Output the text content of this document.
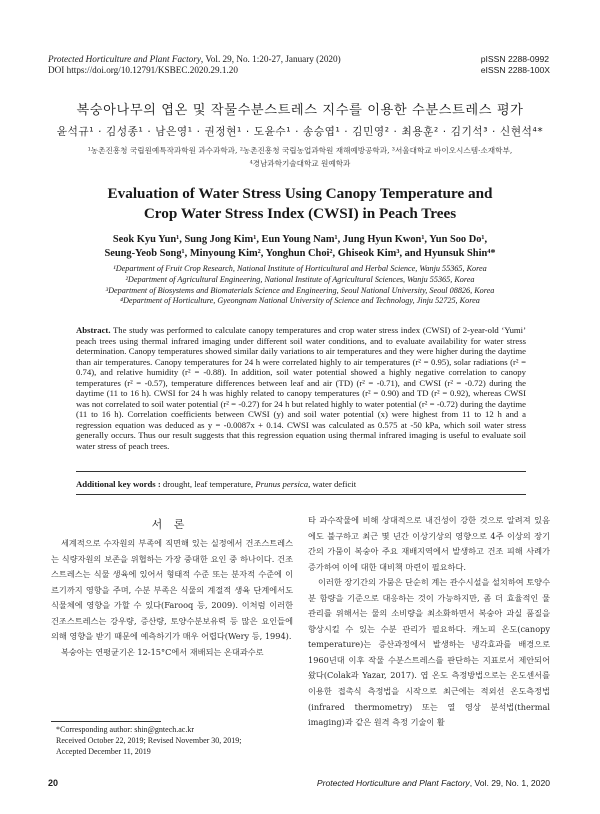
Protected Horticulture and Plant Factory, Vol. 29, No. 1:20-27, January (2020)
DOI https://doi.org/10.12791/KSBEC.2020.29.1.20
pISSN 2288-0992
eISSN 2288-100X
복숭아나무의 엽온 및 작물수분스트레스 지수를 이용한 수분스트레스 평가
윤석규¹ · 김성종¹ · 남은영¹ · 권정현¹ · 도윤수¹ · 송승엽¹ · 김민영² · 최용훈² · 김기석³ · 신현석⁴*
¹농촌진흥청 국립원예특작과학원 과수과학과, ²농촌진흥청 국립농업과학원 재해예방공학과, ³서울대학교 바이오시스템·소재학부,
⁴경남과학기술대학교 원예학과
Evaluation of Water Stress Using Canopy Temperature and
Crop Water Stress Index (CWSI) in Peach Trees
Seok Kyu Yun¹, Sung Jong Kim¹, Eun Young Nam¹, Jung Hyun Kwon¹, Yun Soo Do¹,
Seung-Yeob Song¹, Minyoung Kim², Yonghun Choi², Ghiseok Kim³, and Hyunsuk Shin⁴*
¹Department of Fruit Crop Research, National Institute of Horticultural and Herbal Science, Wanju 55365, Korea
²Department of Agricultural Engineering, National Institute of Agricultural Sciences, Wanju 55365, Korea
³Department of Biosystems and Biomaterials Science and Engineering, Seoul National University, Seoul 08826, Korea
⁴Department of Horticulture, Gyeongnam National University of Science and Technology, Jinju 52725, Korea
Abstract. The study was performed to calculate canopy temperatures and crop water stress index (CWSI) of 2-year-old ‘Yumi’ peach trees using thermal infrared imaging under different soil water conditions, and to evaluate availability for water stress determination. Canopy temperatures showed similar daily variations to air temperatures and they were higher during the daytime than air temperatures. Canopy temperatures for 24 h were correlated highly to air temperatures (r² = 0.95), solar radiations (r² = 0.74), and relative humidity (r² = -0.88). In addition, soil water potential showed a highly negative correlation to canopy temperatures (r² = -0.57), temperature differences between leaf and air (TD) (r² = -0.71), and CWSI (r² = -0.72) during the daytime (11 to 16 h). CWSI for 24 h was highly related to canopy temperatures (r² = 0.90) and TD (r² = 0.92), whereas CWSI was not correlated to soil water potential (r² = -0.27) for 24 h but related highly to water potential (r² = -0.72) during the daytime (11 to 16 h). Correlation coefficients between CWSI (y) and soil water potential (x) were highest from 11 to 12 h and a regression equation was deduced as y = -0.0087x + 0.14. CWSI was calculated as 0.575 at -50 kPa, which soil water stress generally occurs. Thus our result suggests that this regression equation using thermal infrared imaging is useful to evaluate soil water stress of peach trees.
Additional key words : drought, leaf temperature, Prunus persica, water deficit
서 론

세계적으로 수자원의 부족에 직면해 있는 실정에서 건조스트레스는 식량자원의 보존을 위협하는 가장 중대한 요인 중 하나이다. 건조스트레스는 식물 생육에 있어서 형태적 수준 또는 분자적 수준에 이르기까지 영향을 주며, 수분 부족은 식물의 계절적 생육 단계에서도 식물체에 영향을 가할 수 있다(Farooq 등, 2009). 이처럼 이러한 건조스트레스는 강우량, 증산량, 토양수분보유력 등 많은 요인들에 의해 영향을 받기 때문에 예측하기가 매우 어렵다(Wery 등, 1994).

복숭아는 연평균기온 12-15°C에서 재배되는 온대과수로

타 과수작물에 비해 상대적으로 내건성이 강한 것으로 알려져 있음에도 불구하고 최근 몇 년간 이상기상의 영향으로 4주 이상의 장기간의 가뭄이 복숭아 주요 재배지역에서 발생하고 건조 피해 사례가 증가하여 이에 대한 대비책 마련이 필요하다.

이러한 장기간의 가뭄은 단순히 계는 관수시설을 설치하여 토양수분 함량을 기준으로 대응하는 것이 가능하지만, 좀 더 효율적인 물 관리를 위해서는 물의 소비량을 최소화하면서 복숭아 과실 품질을 향상시킬 수 있는 수분 관리가 필요하다. 캐노피 온도(canopy temperature)는 증산과정에서 발생하는 냉각효과를 배경으로 1960년대 이후 작물 수분스트레스를 판단하는 지표로서 제안되어 왔다(Colak과 Yazar, 2017). 엽 온도 측정방법으로는 온도센서를 이용한 접촉식 측정법을 시작으로 최근에는 적외선 온도측정법(infrared thermometry) 또는 열 영상 분석법(thermal imaging)과 같은 원격 측정 기술이 활

*Corresponding author: shin@gntech.ac.kr
Received October 22, 2019; Revised November 30, 2019;
Accepted December 11, 2019
20	Protected Horticulture and Plant Factory, Vol. 29, No. 1, 2020
